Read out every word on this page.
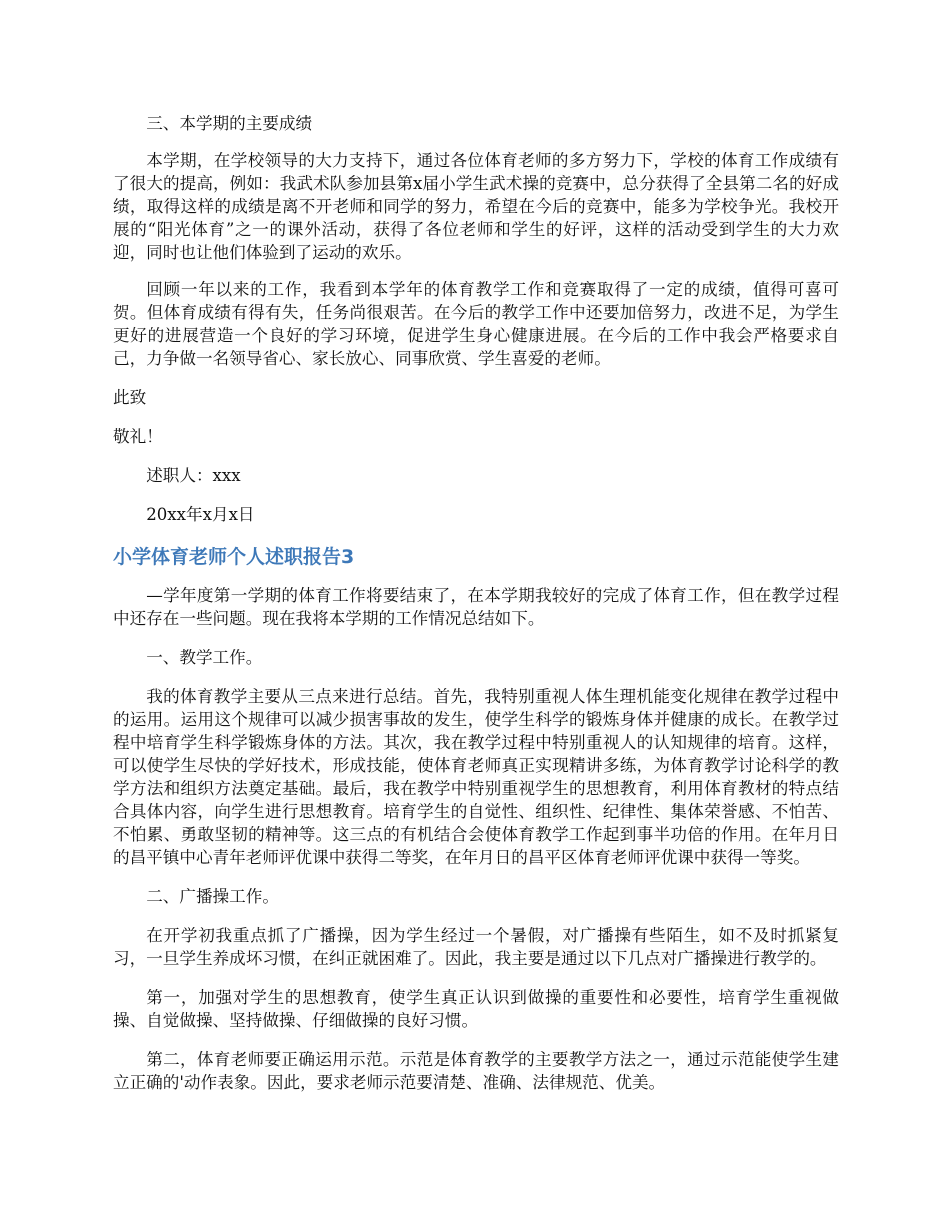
三、本学期的主要成绩

本学期，在学校领导的大力支持下，通过各位体育老师的多方努力下，学校的体育工作成绩有了很大的提高，例如：我武术队参加县第x届小学生武术操的竞赛中，总分获得了全县第二名的好成绩，取得这样的成绩是离不开老师和同学的努力，希望在今后的竞赛中，能多为学校争光。我校开展的“阳光体育”之一的课外活动，获得了各位老师和学生的好评，这样的活动受到学生的大力欢迎，同时也让他们体验到了运动的欢乐。

回顾一年以来的工作，我看到本学年的体育教学工作和竞赛取得了一定的成绩，值得可喜可贺。但体育成绩有得有失，任务尚很艰苦。在今后的教学工作中还要加倍努力，改进不足，为学生更好的进展营造一个良好的学习环境，促进学生身心健康进展。在今后的工作中我会严格要求自己，力争做一名领导省心、家长放心、同事欣赏、学生喜爱的老师。

此致

敬礼！

述职人：xxx

20xx年x月x日

小学体育老师个人述职报告3

—学年度第一学期的体育工作将要结束了，在本学期我较好的完成了体育工作，但在教学过程中还存在一些问题。现在我将本学期的工作情况总结如下。

一、教学工作。

我的体育教学主要从三点来进行总结。首先，我特别重视人体生理机能变化规律在教学过程中的运用。运用这个规律可以减少损害事故的发生，使学生科学的锻炼身体并健康的成长。在教学过程中培育学生科学锻炼身体的方法。其次，我在教学过程中特别重视人的认知规律的培育。这样，可以使学生尽快的学好技术，形成技能，使体育老师真正实现精讲多练，为体育教学讨论科学的教学方法和组织方法奠定基础。最后，我在教学中特别重视学生的思想教育，利用体育教材的特点结合具体内容，向学生进行思想教育。培育学生的自觉性、组织性、纪律性、集体荣誉感、不怕苦、不怕累、勇敢坚韧的精神等。这三点的有机结合会使体育教学工作起到事半功倍的作用。在年月日的昌平镇中心青年老师评优课中获得二等奖，在年月日的昌平区体育老师评优课中获得一等奖。

二、广播操工作。

在开学初我重点抓了广播操，因为学生经过一个暑假，对广播操有些陌生，如不及时抓紧复习，一旦学生养成坏习惯，在纠正就困难了。因此，我主要是通过以下几点对广播操进行教学的。

第一，加强对学生的思想教育，使学生真正认识到做操的重要性和必要性，培育学生重视做操、自觉做操、坚持做操、仔细做操的良好习惯。

第二，体育老师要正确运用示范。示范是体育教学的主要教学方法之一，通过示范能使学生建立正确的'动作表象。因此，要求老师示范要清楚、准确、法律规范、优美。
